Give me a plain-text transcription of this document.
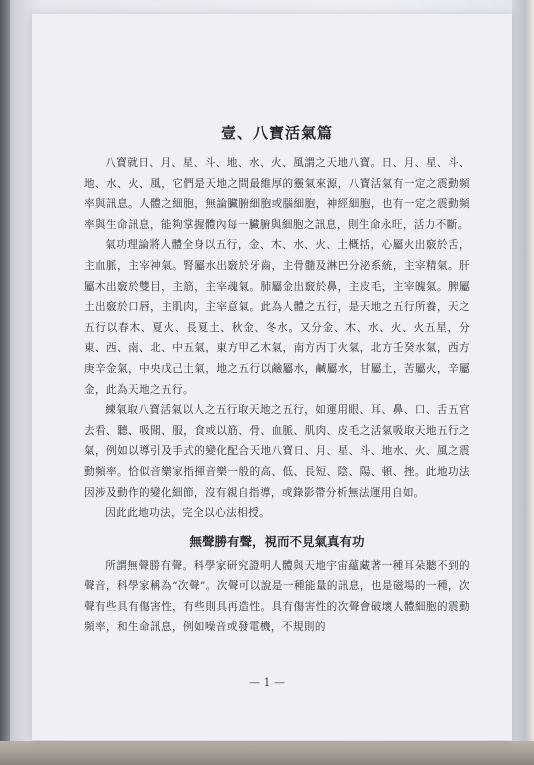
壹、八寶活氣篇

八寶就日、月、星、斗、地、水、火、風謂之天地八寶。日、月、星、斗、地、水、火、風，它們是天地之間最維厚的靈氣來源，八寶活氣有一定之震動頻率與訊息。人體之細胞，無論臟腑細胞或腦細胞，神經細胞，也有一定之震動頻率與生命訊息，能夠掌握體內每一臟腑與細胞之訊息，則生命永旺，活力不斷。

氣功理論將人體全身以五行，金、木、水、火、土概括，心屬火出竅於舌，主血脈，主宰神氣。腎屬水出竅於牙齒，主骨髓及淋巴分泌系統，主宰精氣。肝屬木出竅於雙目，主筋，主宰魂氣。肺屬金出竅於鼻，主皮毛，主宰魄氣。脾屬土出竅於口唇，主肌肉，主宰意氣。此為人體之五行，是天地之五行所養，天之五行以春木、夏火、長夏土、秋金、冬水。又分金、木、水、火、火五星，分東、西、南、北、中五氣，東方甲乙木氣，南方丙丁火氣，北方壬癸水氣，西方庚辛金氣，中央戊己土氣，地之五行以鹼屬水，鹹屬水，甘屬土，苦屬火，辛屬金，此為天地之五行。

練氣取八寶活氣以人之五行取天地之五行，如運用眼、耳、鼻、口、舌五官去看、聽、吸聞、服，食或以筋、骨、血脈、肌肉、皮毛之活氣吸取天地五行之氣，例如以導引及手式的變化配合天地八寶日、月、星、斗、地水、火、風之震動頻率。恰似音樂家指揮音樂一般的高、低、長短、陰、陽、頓、挫。此地功法因涉及動作的變化細節，沒有親自指導，或錄影帶分析無法運用自如。

因此此地功法，完全以心法相授。

無聲勝有聲，視而不見氣真有功

所謂無聲勝有聲。科學家研究證明人體與天地宇宙蘊藏著一種耳朵聽不到的聲音，科學家稱為“次聲”。次聲可以說是一種能量的訊息，也是磁場的一種，次聲有些具有傷害性，有些則具再造性。具有傷害性的次聲會破壞人體細胞的震動頻率，和生命訊息，例如噪音或發電機，不規則的

— 1 —
